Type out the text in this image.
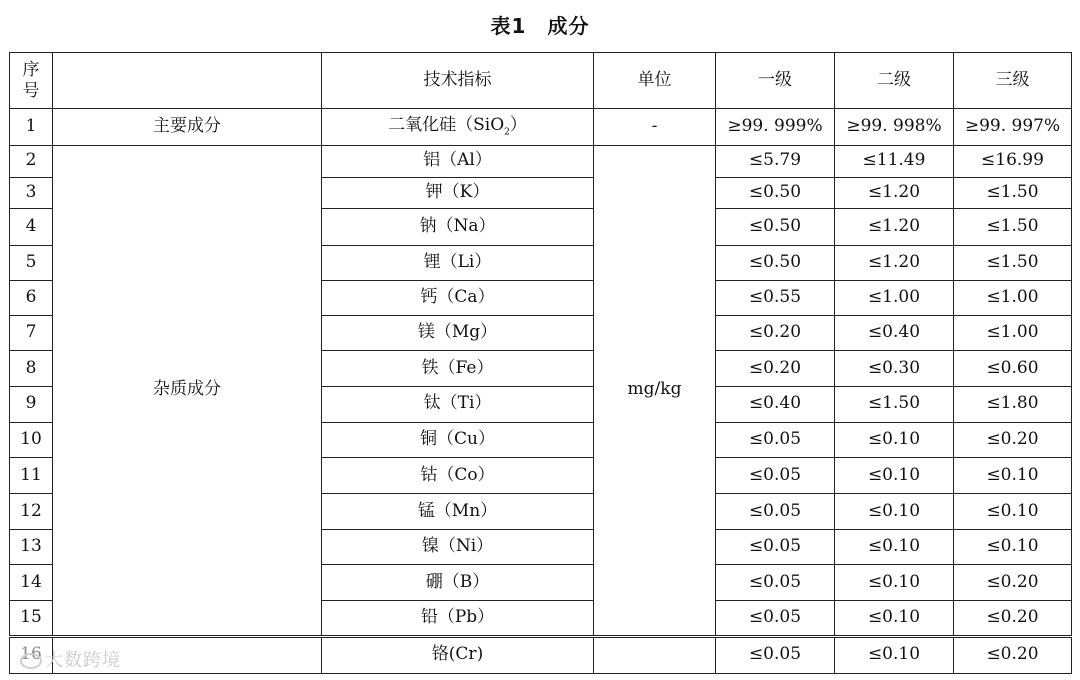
表1　成分
序号		技术指标	单位	一级	二级	三级
1	主要成分	二氧化硅（SiO$_2$）	-	≥99. 999%	≥99. 998%	≥99. 997%
2	杂质成分	铝（Al）	mg/kg	≤5.79	≤11.49	≤16.99
3		钾（K）		≤0.50	≤1.20	≤1.50
4		钠（Na）		≤0.50	≤1.20	≤1.50
5		锂（Li）		≤0.50	≤1.20	≤1.50
6		钙（Ca）		≤0.55	≤1.00	≤1.00
7		镁（Mg）		≤0.20	≤0.40	≤1.00
8		铁（Fe）		≤0.20	≤0.30	≤0.60
9		钛（Ti）		≤0.40	≤1.50	≤1.80
10		铜（Cu）		≤0.05	≤0.10	≤0.20
11		钴（Co）		≤0.05	≤0.10	≤0.10
12		锰（Mn）		≤0.05	≤0.10	≤0.10
13		镍（Ni）		≤0.05	≤0.10	≤0.10
14		硼（B）		≤0.05	≤0.10	≤0.20
15		铅（Pb）		≤0.05	≤0.10	≤0.20
16		铬(Cr)		≤0.05	≤0.10	≤0.20
大数跨境
